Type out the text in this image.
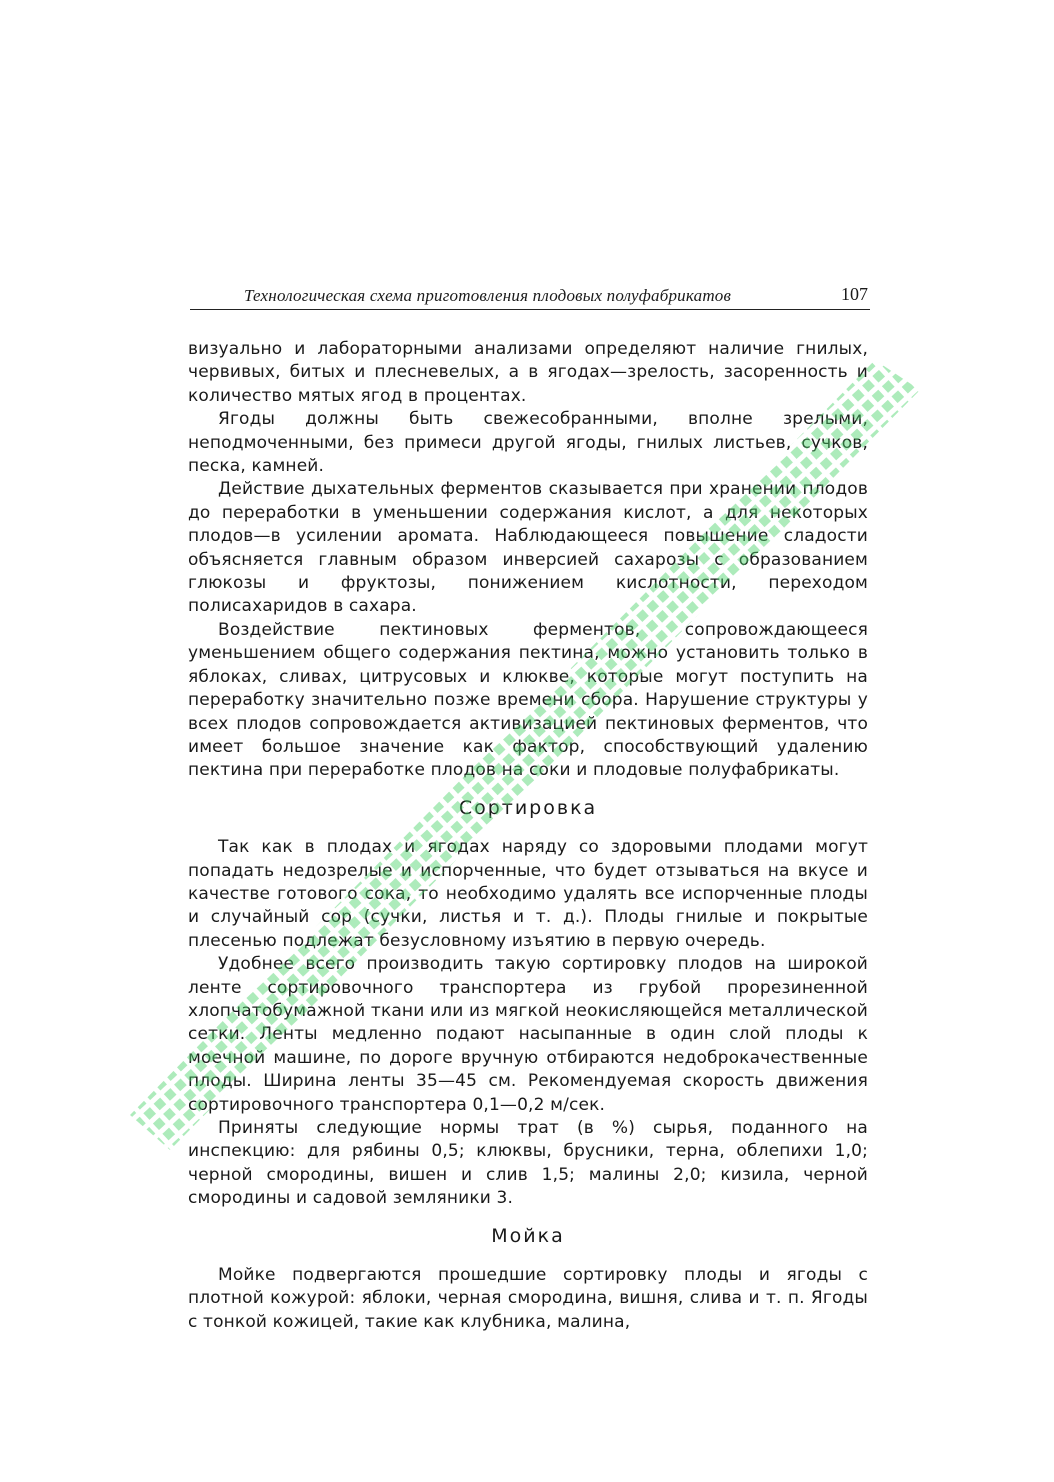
Технологическая схема приготовления плодовых полуфабрикатов	107

визуально и лабораторными анализами определяют наличие гнилых, червивых, битых и плесневелых, а в ягодах—зрелость, засоренность и количество мятых ягод в процентах.

Ягоды должны быть свежесобранными, вполне зрелыми, неподмоченными, без примеси другой ягоды, гнилых листьев, сучков, песка, камней.

Действие дыхательных ферментов сказывается при хранении плодов до переработки в уменьшении содержания кислот, а для некоторых плодов—в усилении аромата. Наблюдающееся повышение сладости объясняется главным образом инверсией сахарозы с образованием глюкозы и фруктозы, понижением кислотности, переходом полисахаридов в сахара.

Воздействие пектиновых ферментов, сопровождающееся уменьшением общего содержания пектина, можно установить только в яблоках, сливах, цитрусовых и клюкве, которые могут поступить на переработку значительно позже времени сбора. Нарушение структуры у всех плодов сопровождается активизацией пектиновых ферментов, что имеет большое значение как фактор, способствующий удалению пектина при переработке плодов на соки и плодовые полуфабрикаты.

Сортировка

Так как в плодах и ягодах наряду со здоровыми плодами могут попадать недозрелые и испорченные, что будет отзываться на вкусе и качестве готового сока, то необходимо удалять все испорченные плоды и случайный сор (сучки, листья и т. д.). Плоды гнилые и покрытые плесенью подлежат безусловному изъятию в первую очередь.

Удобнее всего производить такую сортировку плодов на широкой ленте сортировочного транспортера из грубой прорезиненной хлопчатобумажной ткани или из мягкой неокисляющейся металлической сетки. Ленты медленно подают насыпанные в один слой плоды к моечной машине, по дороге вручную отбираются недоброкачественные плоды. Ширина ленты 35—45 см. Рекомендуемая скорость движения сортировочного транспортера 0,1—0,2 м/сек.

Приняты следующие нормы трат (в %) сырья, поданного на инспекцию: для рябины 0,5; клюквы, брусники, терна, облепихи 1,0; черной смородины, вишен и слив 1,5; малины 2,0; кизила, черной смородины и садовой земляники 3.

Мойка

Мойке подвергаются прошедшие сортировку плоды и ягоды с плотной кожурой: яблоки, черная смородина, вишня, слива и т. п. Ягоды с тонкой кожицей, такие как клубника, малина,
